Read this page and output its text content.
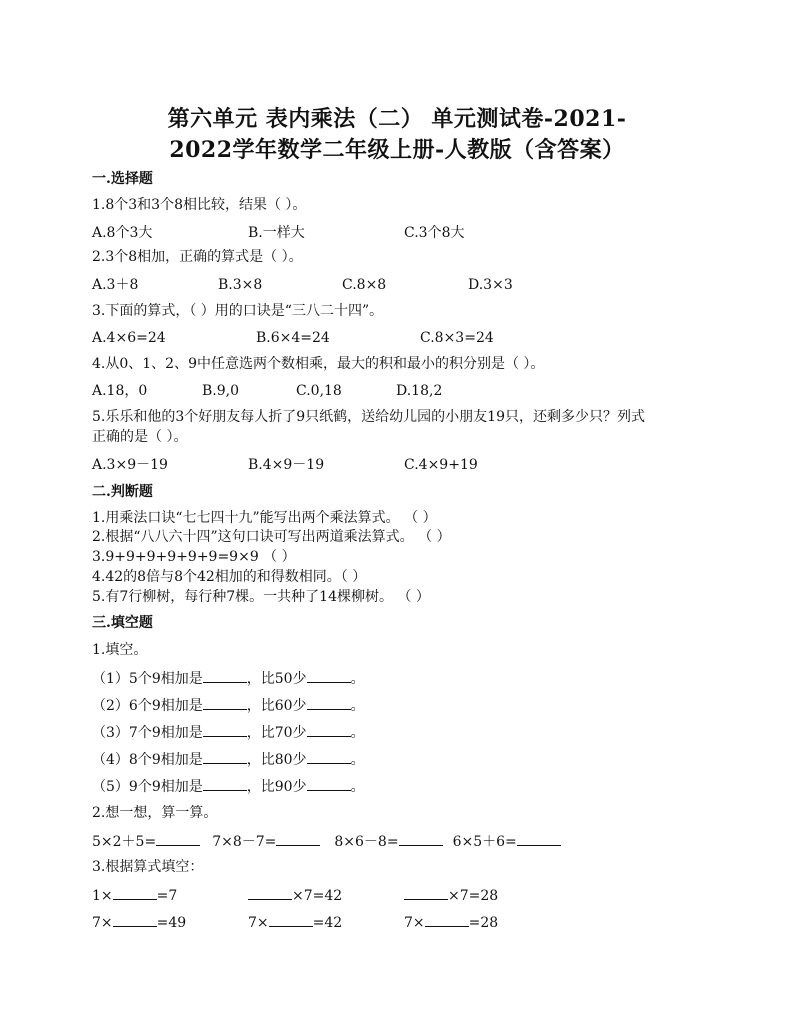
第六单元 表内乘法（二） 单元测试卷-2021-
2022学年数学二年级上册-人教版（含答案）
一.选择题
1.8个3和3个8相比较，结果（ ）。
A.8个3大	B.一样大	C.3个8大
2.3个8相加，正确的算式是（ ）。
A.3＋8	B.3×8	C.8×8	D.3×3
3.下面的算式，（ ）用的口诀是“三八二十四”。
A.4×6=24	B.6×4=24	C.8×3=24
4.从0、1、2、9中任意选两个数相乘，最大的积和最小的积分别是（ ）。
A.18，0	B.9,0	C.0,18	D.18,2
5.乐乐和他的3个好朋友每人折了9只纸鹤，送给幼儿园的小朋友19只，还剩多少只？列式
正确的是（ ）。
A.3×9－19	B.4×9－19	C.4×9+19
二.判断题
1.用乘法口诀“七七四十九”能写出两个乘法算式。 （ ）
2.根据“八八六十四”这句口诀可写出两道乘法算式。 （ ）
3.9+9+9+9+9+9=9×9 （ ）
4.42的8倍与8个42相加的和得数相同。（ ）
5.有7行柳树，每行种7棵。一共种了14棵柳树。 （ ）
三.填空题
1.填空。
（1）5个9相加是	，比50少	。
（2）6个9相加是	，比60少	。
（3）7个9相加是	，比70少	。
（4）8个9相加是	，比80少	。
（5）9个9相加是	，比90少	。
2.想一想，算一算。
5×2＋5=	7×8－7=	8×6－8=	6×5＋6=
3.根据算式填空：
1×	=7	×7=42	×7=28
7×	=49	7×	=42	7×	=28
